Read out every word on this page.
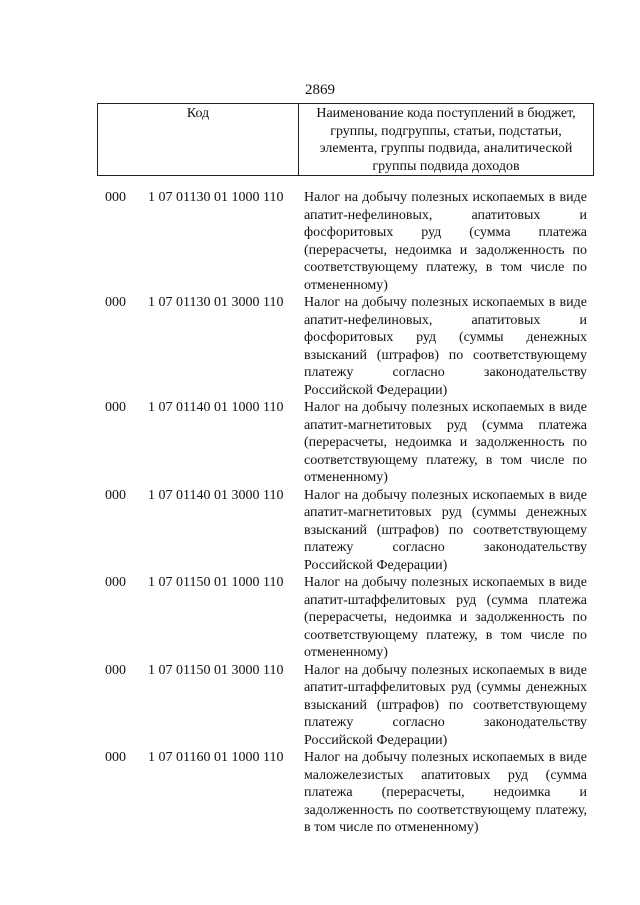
2869
Код	Наименование кода поступлений в бюджет, группы, подгруппы, статьи, подстатьи, элемента, группы подвида, аналитической группы подвида доходов
000 1 07 01130 01 1000 110 Налог на добычу полезных ископаемых в виде апатит-нефелиновых, апатитовых и фосфоритовых руд (сумма платежа (перерасчеты, недоимка и задолженность по соответствующему платежу, в том числе по отмененному)
000 1 07 01130 01 3000 110 Налог на добычу полезных ископаемых в виде апатит-нефелиновых, апатитовых и фосфоритовых руд (суммы денежных взысканий (штрафов) по соответствующему платежу согласно законодательству Российской Федерации)
000 1 07 01140 01 1000 110 Налог на добычу полезных ископаемых в виде апатит-магнетитовых руд (сумма платежа (перерасчеты, недоимка и задолженность по соответствующему платежу, в том числе по отмененному)
000 1 07 01140 01 3000 110 Налог на добычу полезных ископаемых в виде апатит-магнетитовых руд (суммы денежных взысканий (штрафов) по соответствующему платежу согласно законодательству Российской Федерации)
000 1 07 01150 01 1000 110 Налог на добычу полезных ископаемых в виде апатит-штаффелитовых руд (сумма платежа (перерасчеты, недоимка и задолженность по соответствующему платежу, в том числе по отмененному)
000 1 07 01150 01 3000 110 Налог на добычу полезных ископаемых в виде апатит-штаффелитовых руд (суммы денежных взысканий (штрафов) по соответствующему платежу согласно законодательству Российской Федерации)
000 1 07 01160 01 1000 110 Налог на добычу полезных ископаемых в виде маложелезистых апатитовых руд (сумма платежа (перерасчеты, недоимка и задолженность по соответствующему платежу, в том числе по отмененному)
